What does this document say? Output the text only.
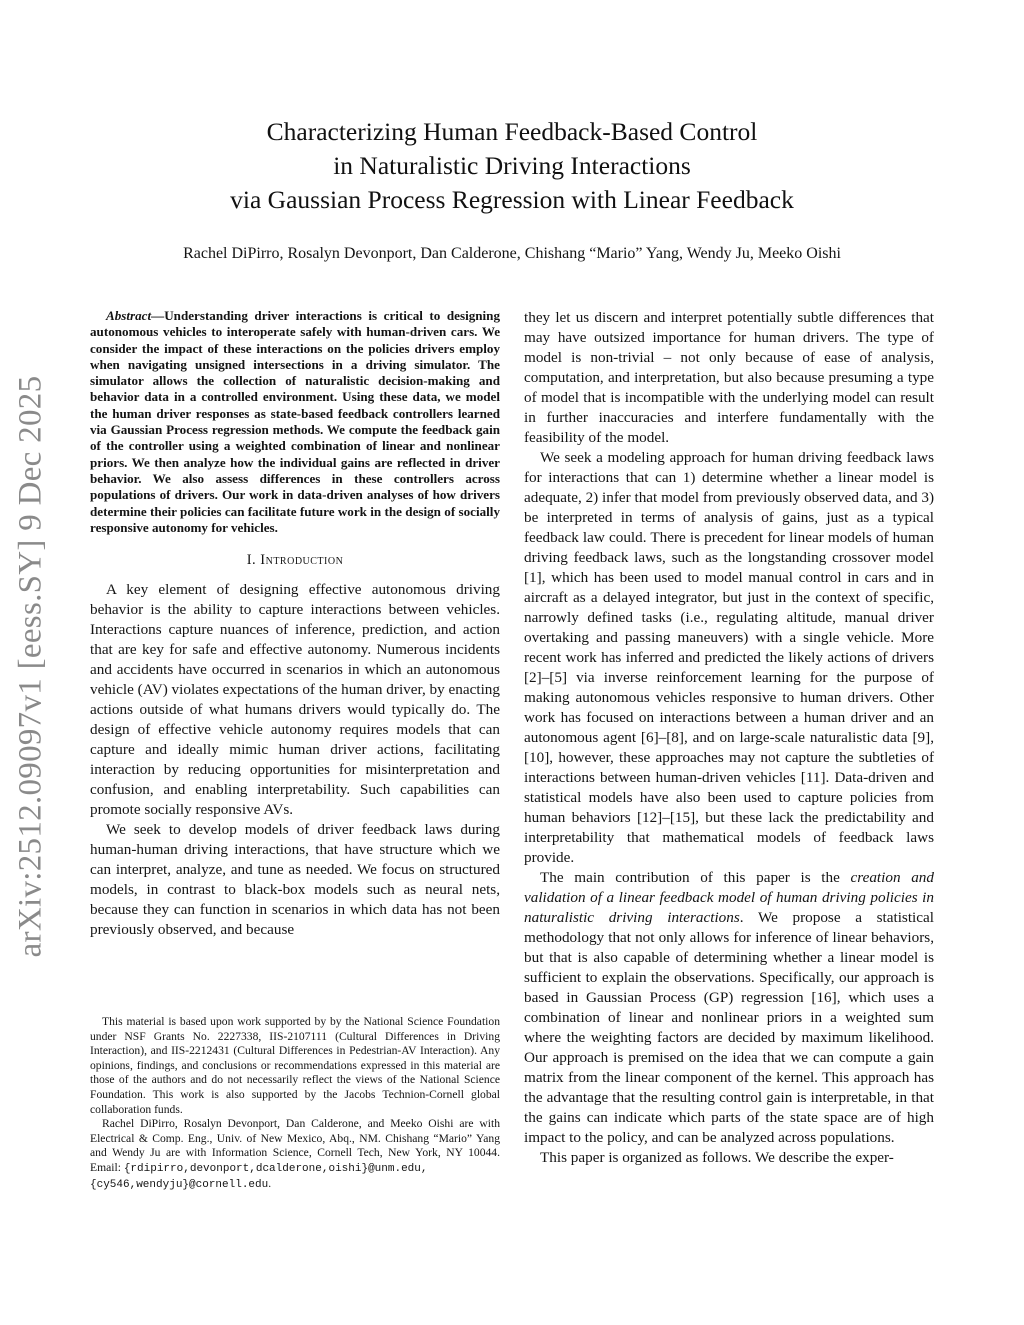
arXiv:2512.09097v1 [eess.SY] 9 Dec 2025
Characterizing Human Feedback-Based Control
in Naturalistic Driving Interactions
via Gaussian Process Regression with Linear Feedback
Rachel DiPirro, Rosalyn Devonport, Dan Calderone, Chishang “Mario” Yang, Wendy Ju, Meeko Oishi

Abstract—Understanding driver interactions is critical to designing autonomous vehicles to interoperate safely with human-driven cars. We consider the impact of these interactions on the policies drivers employ when navigating unsigned intersections in a driving simulator. The simulator allows the collection of naturalistic decision-making and behavior data in a controlled environment. Using these data, we model the human driver responses as state-based feedback controllers learned via Gaussian Process regression methods. We compute the feedback gain of the controller using a weighted combination of linear and nonlinear priors. We then analyze how the individual gains are reflected in driver behavior. We also assess differences in these controllers across populations of drivers. Our work in data-driven analyses of how drivers determine their policies can facilitate future work in the design of socially responsive autonomy for vehicles.

I. Introduction

A key element of designing effective autonomous driving behavior is the ability to capture interactions between vehicles. Interactions capture nuances of inference, prediction, and action that are key for safe and effective autonomy. Numerous incidents and accidents have occurred in scenarios in which an autonomous vehicle (AV) violates expectations of the human driver, by enacting actions outside of what humans drivers would typically do. The design of effective vehicle autonomy requires models that can capture and ideally mimic human driver actions, facilitating interaction by reducing opportunities for misinterpretation and confusion, and enabling interpretability. Such capabilities can promote socially responsive AVs.

We seek to develop models of driver feedback laws during human-human driving interactions, that have structure which we can interpret, analyze, and tune as needed. We focus on structured models, in contrast to black-box models such as neural nets, because they can function in scenarios in which data has not been previously observed, and because

This material is based upon work supported by by the National Science Foundation under NSF Grants No. 2227338, IIS-2107111 (Cultural Differences in Driving Interaction), and IIS-2212431 (Cultural Differences in Pedestrian-AV Interaction). Any opinions, findings, and conclusions or recommendations expressed in this material are those of the authors and do not necessarily reflect the views of the National Science Foundation. This work is also supported by the Jacobs Technion-Cornell global collaboration funds.

Rachel DiPirro, Rosalyn Devonport, Dan Calderone, and Meeko Oishi are with Electrical & Comp. Eng., Univ. of New Mexico, Abq., NM. Chishang “Mario” Yang and Wendy Ju are with Information Science, Cornell Tech, New York, NY 10044. Email: {rdipirro,devonport,dcalderone,oishi}@unm.edu,
{cy546,wendyju}@cornell.edu.

they let us discern and interpret potentially subtle differences that may have outsized importance for human drivers. The type of model is non-trivial – not only because of ease of analysis, computation, and interpretation, but also because presuming a type of model that is incompatible with the underlying model can result in further inaccuracies and interfere fundamentally with the feasibility of the model.

We seek a modeling approach for human driving feedback laws for interactions that can 1) determine whether a linear model is adequate, 2) infer that model from previously observed data, and 3) be interpreted in terms of analysis of gains, just as a typical feedback law could. There is precedent for linear models of human driving feedback laws, such as the longstanding crossover model [1], which has been used to model manual control in cars and in aircraft as a delayed integrator, but just in the context of specific, narrowly defined tasks (i.e., regulating altitude, manual driver overtaking and passing maneuvers) with a single vehicle. More recent work has inferred and predicted the likely actions of drivers [2]–[5] via inverse reinforcement learning for the purpose of making autonomous vehicles responsive to human drivers. Other work has focused on interactions between a human driver and an autonomous agent [6]–[8], and on large-scale naturalistic data [9], [10], however, these approaches may not capture the subtleties of interactions between human-driven vehicles [11]. Data-driven and statistical models have also been used to capture policies from human behaviors [12]–[15], but these lack the predictability and interpretability that mathematical models of feedback laws provide.

The main contribution of this paper is the creation and validation of a linear feedback model of human driving policies in naturalistic driving interactions. We propose a statistical methodology that not only allows for inference of linear behaviors, but that is also capable of determining whether a linear model is sufficient to explain the observations. Specifically, our approach is based in Gaussian Process (GP) regression [16], which uses a combination of linear and nonlinear priors in a weighted sum where the weighting factors are decided by maximum likelihood. Our approach is premised on the idea that we can compute a gain matrix from the linear component of the kernel. This approach has the advantage that the resulting control gain is interpretable, in that the gains can indicate which parts of the state space are of high impact to the policy, and can be analyzed across populations.

This paper is organized as follows. We describe the exper-
